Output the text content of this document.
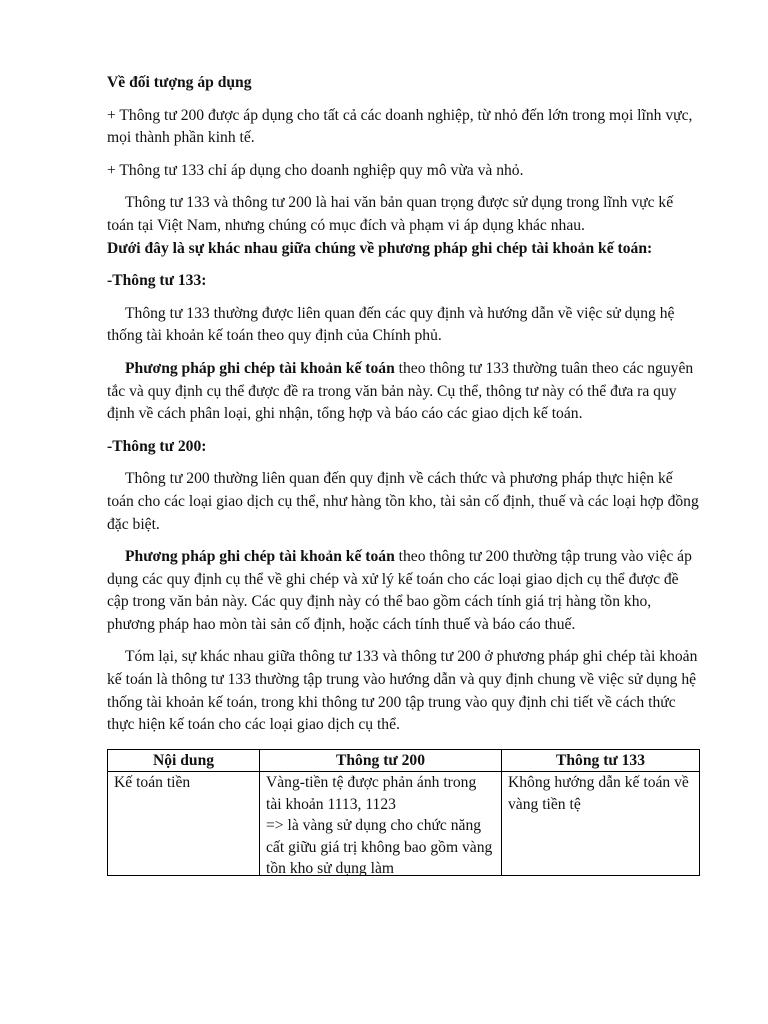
Về đối tượng áp dụng

+ Thông tư 200 được áp dụng cho tất cả các doanh nghiệp, từ nhỏ đến lớn trong mọi lĩnh vực, mọi thành phần kinh tế.

+ Thông tư 133 chỉ áp dụng cho doanh nghiệp quy mô vừa và nhỏ.

Thông tư 133 và thông tư 200 là hai văn bản quan trọng được sử dụng trong lĩnh vực kế toán tại Việt Nam, nhưng chúng có mục đích và phạm vi áp dụng khác nhau.

Dưới đây là sự khác nhau giữa chúng về phương pháp ghi chép tài khoản kế toán:

-Thông tư 133:

Thông tư 133 thường được liên quan đến các quy định và hướng dẫn về việc sử dụng hệ thống tài khoản kế toán theo quy định của Chính phủ.

Phương pháp ghi chép tài khoản kế toán theo thông tư 133 thường tuân theo các nguyên tắc và quy định cụ thể được đề ra trong văn bản này. Cụ thể, thông tư này có thể đưa ra quy định về cách phân loại, ghi nhận, tổng hợp và báo cáo các giao dịch kế toán.

-Thông tư 200:

Thông tư 200 thường liên quan đến quy định về cách thức và phương pháp thực hiện kế toán cho các loại giao dịch cụ thể, như hàng tồn kho, tài sản cố định, thuế và các loại hợp đồng đặc biệt.

Phương pháp ghi chép tài khoản kế toán theo thông tư 200 thường tập trung vào việc áp dụng các quy định cụ thể về ghi chép và xử lý kế toán cho các loại giao dịch cụ thể được đề cập trong văn bản này. Các quy định này có thể bao gồm cách tính giá trị hàng tồn kho, phương pháp hao mòn tài sản cố định, hoặc cách tính thuế và báo cáo thuế.

Tóm lại, sự khác nhau giữa thông tư 133 và thông tư 200 ở phương pháp ghi chép tài khoản kế toán là thông tư 133 thường tập trung vào hướng dẫn và quy định chung về việc sử dụng hệ thống tài khoản kế toán, trong khi thông tư 200 tập trung vào quy định chi tiết về cách thức thực hiện kế toán cho các loại giao dịch cụ thể.

Nội dung	Thông tư 200	Thông tư 133

Kế toán tiền	Vàng-tiền tệ được phản ánh trong tài khoản 1113, 1123
=> là vàng sử dụng cho chức năng cất giữu giá trị không bao gồm vàng tồn kho sử dụng làm	Không hướng dẫn kế toán về vàng tiền tệ
